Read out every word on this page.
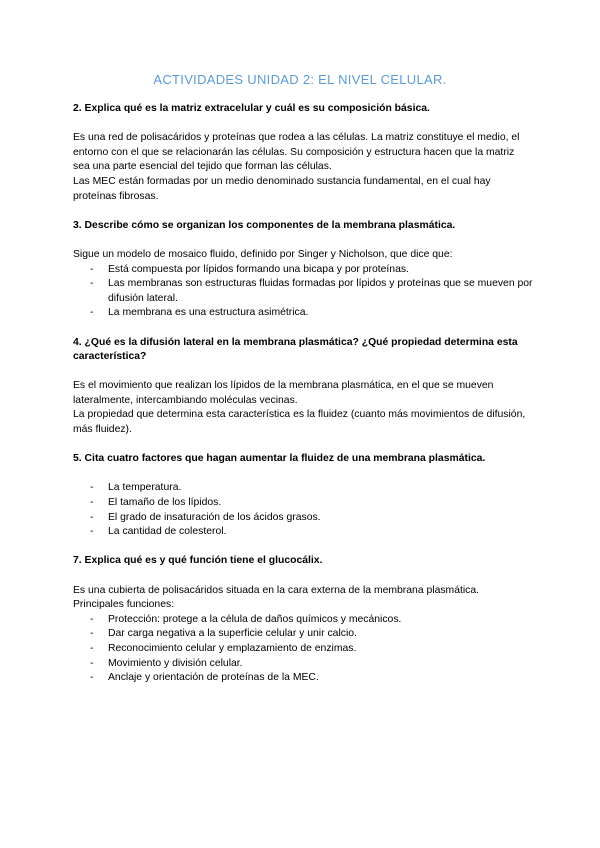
ACTIVIDADES UNIDAD 2: EL NIVEL CELULAR.

2. Explica qué es la matriz extracelular y cuál es su composición básica.

Es una red de polisacáridos y proteínas que rodea a las células. La matriz constituye el medio, el entorno con el que se relacionarán las células. Su composición y estructura hacen que la matriz sea una parte esencial del tejido que forman las células.

Las MEC están formadas por un medio denominado sustancia fundamental, en el cual hay proteínas fibrosas.

3. Describe cómo se organizan los componentes de la membrana plasmática.

Sigue un modelo de mosaico fluido, definido por Singer y Nicholson, que dice que:

- Está compuesta por lípidos formando una bicapa y por proteínas.
- Las membranas son estructuras fluidas formadas por lípidos y proteínas que se mueven por difusión lateral.
- La membrana es una estructura asimétrica.

4. ¿Qué es la difusión lateral en la membrana plasmática? ¿Qué propiedad determina esta característica?

Es el movimiento que realizan los lípidos de la membrana plasmática, en el que se mueven lateralmente, intercambiando moléculas vecinas.

La propiedad que determina esta característica es la fluidez (cuanto más movimientos de difusión, más fluidez).

5. Cita cuatro factores que hagan aumentar la fluidez de una membrana plasmática.

- La temperatura.
- El tamaño de los lípidos.
- El grado de insaturación de los ácidos grasos.
- La cantidad de colesterol.

7. Explica qué es y qué función tiene el glucocálix.

Es una cubierta de polisacáridos situada en la cara externa de la membrana plasmática.

Principales funciones:

- Protección: protege a la célula de daños químicos y mecánicos.
- Dar carga negativa a la superficie celular y unir calcio.
- Reconocimiento celular y emplazamiento de enzimas.
- Movimiento y división celular.
- Anclaje y orientación de proteínas de la MEC.
